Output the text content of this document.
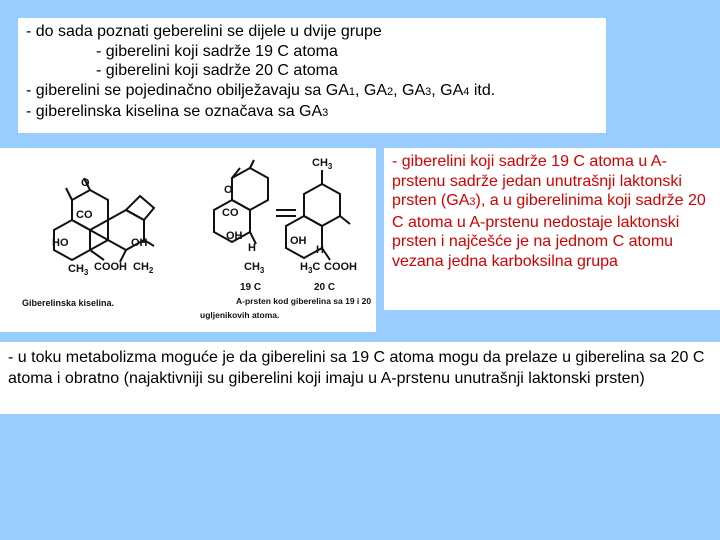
- do sada poznati geberelini se dijele u dvije grupe
- giberelini koji sadrže 19 C atoma
- giberelini koji sadrže 20 C atoma
- giberelini se pojedinačno obilježavaju sa GA1, GA2, GA3, GA4 itd.
- giberelinska kiselina se označava sa GA3
O
CO
HO	OH
$CH_3$ COOH $CH_2$
Giberelinska kiselina.
O
CO
OH
H
$CH_3$
$CH_3$
OH
H
$H_3C$ COOH
19 C	20 C
A-prsten kod giberelina sa 19 i 20
ugljenikovih atoma.
- giberelini koji sadrže 19 C atoma u A-prstenu sadrže jedan unutrašnji laktonski prsten (GA3), a u giberelinima koji sadrže 20 C atoma u A-prstenu nedostaje laktonski prsten i najčešće je na jednom C atomu vezana jedna karboksilna grupa
- u toku metabolizma moguće je da giberelini sa 19 C atoma mogu da prelaze u giberelina sa 20 C atoma i obratno (najaktivniji su giberelini koji imaju u A-prstenu unutrašnji laktonski prsten)
